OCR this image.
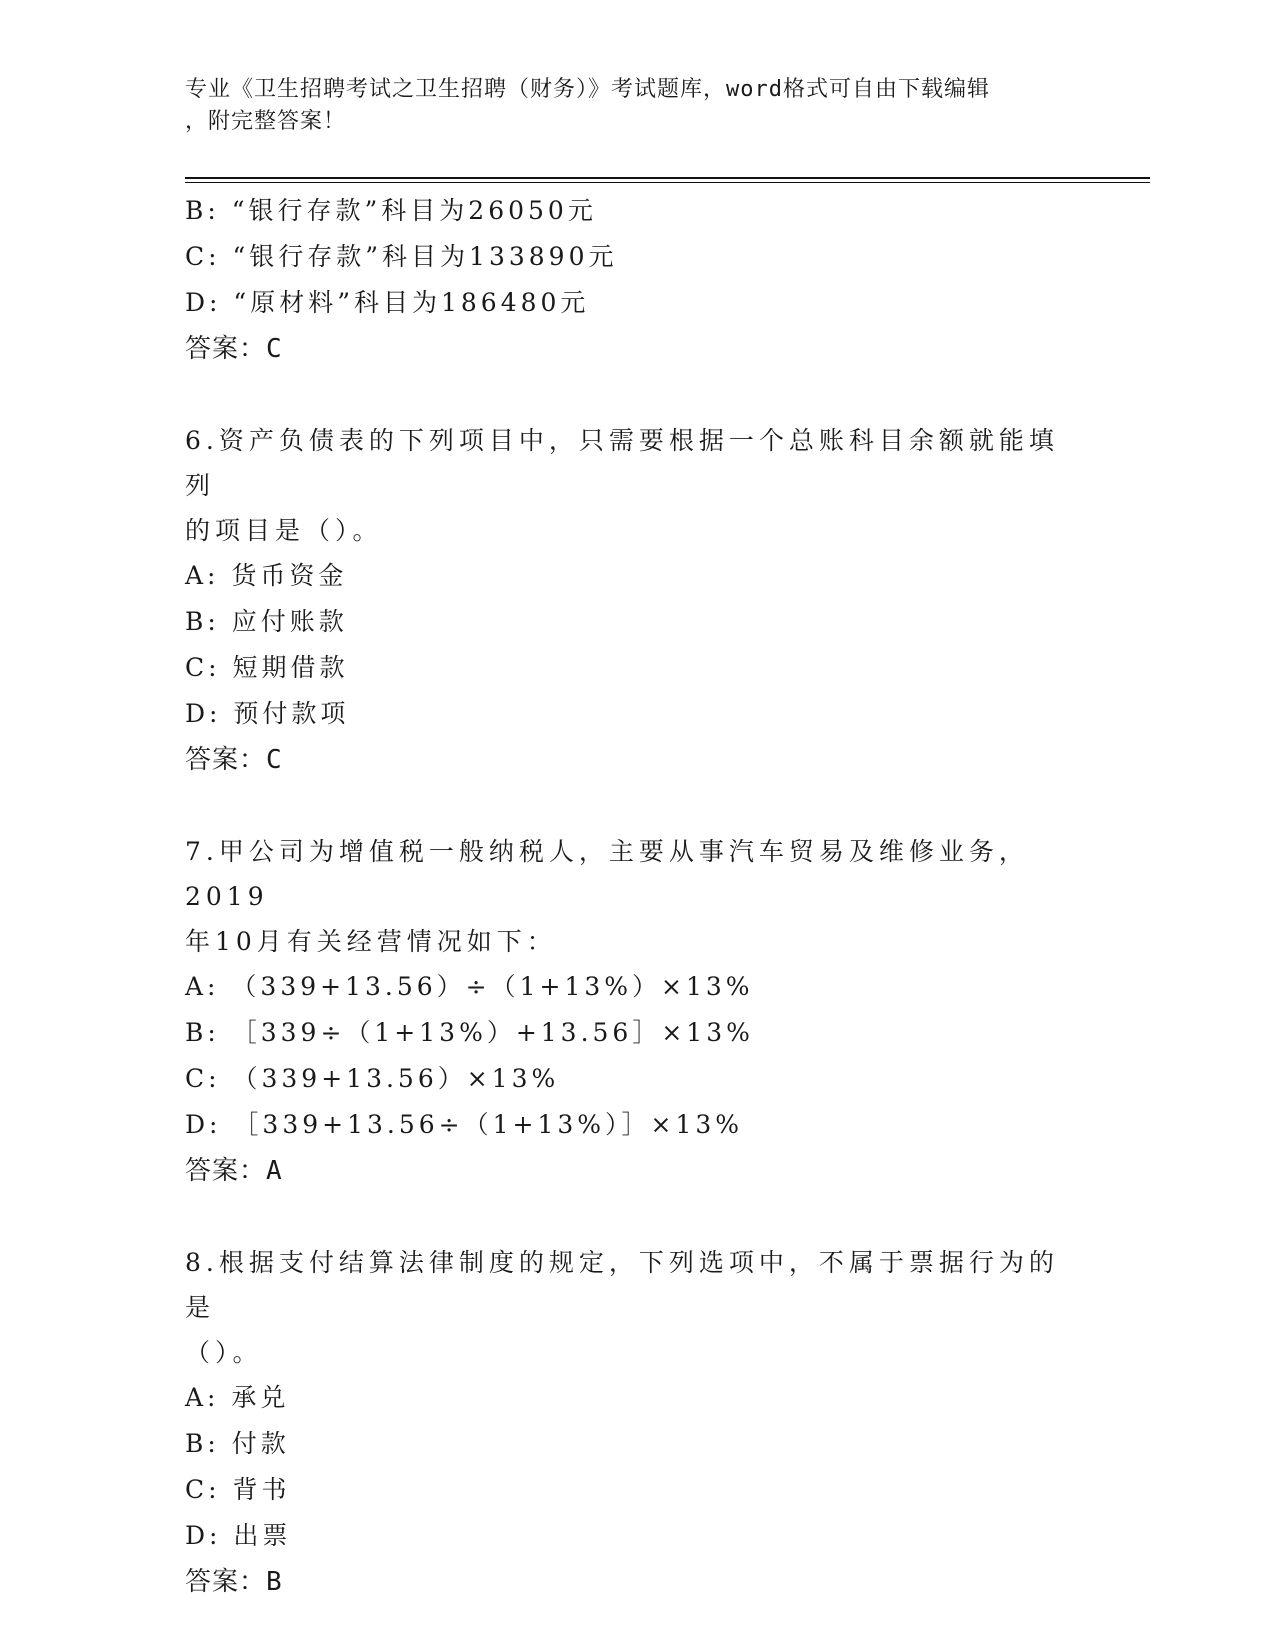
专业《卫生招聘考试之卫生招聘（财务）》考试题库，word格式可自由下载编辑
，附完整答案！
B: “银行存款”科目为26050元
C: “银行存款”科目为133890元
D: “原材料”科目为186480元
答案：C
6.资产负债表的下列项目中，只需要根据一个总账科目余额就能填列
的项目是（）。
A: 货币资金
B: 应付账款
C: 短期借款
D: 预付款项
答案：C
7.甲公司为增值税一般纳税人，主要从事汽车贸易及维修业务，2019
年10月有关经营情况如下：
A: （339+13.56）÷（1+13%）×13%
B: ［339÷（1+13%）+13.56］×13%
C: （339+13.56）×13%
D: ［339+13.56÷（1+13%）］×13%
答案：A
8.根据支付结算法律制度的规定，下列选项中，不属于票据行为的是
（）。
A: 承兑
B: 付款
C: 背书
D: 出票
答案：B
